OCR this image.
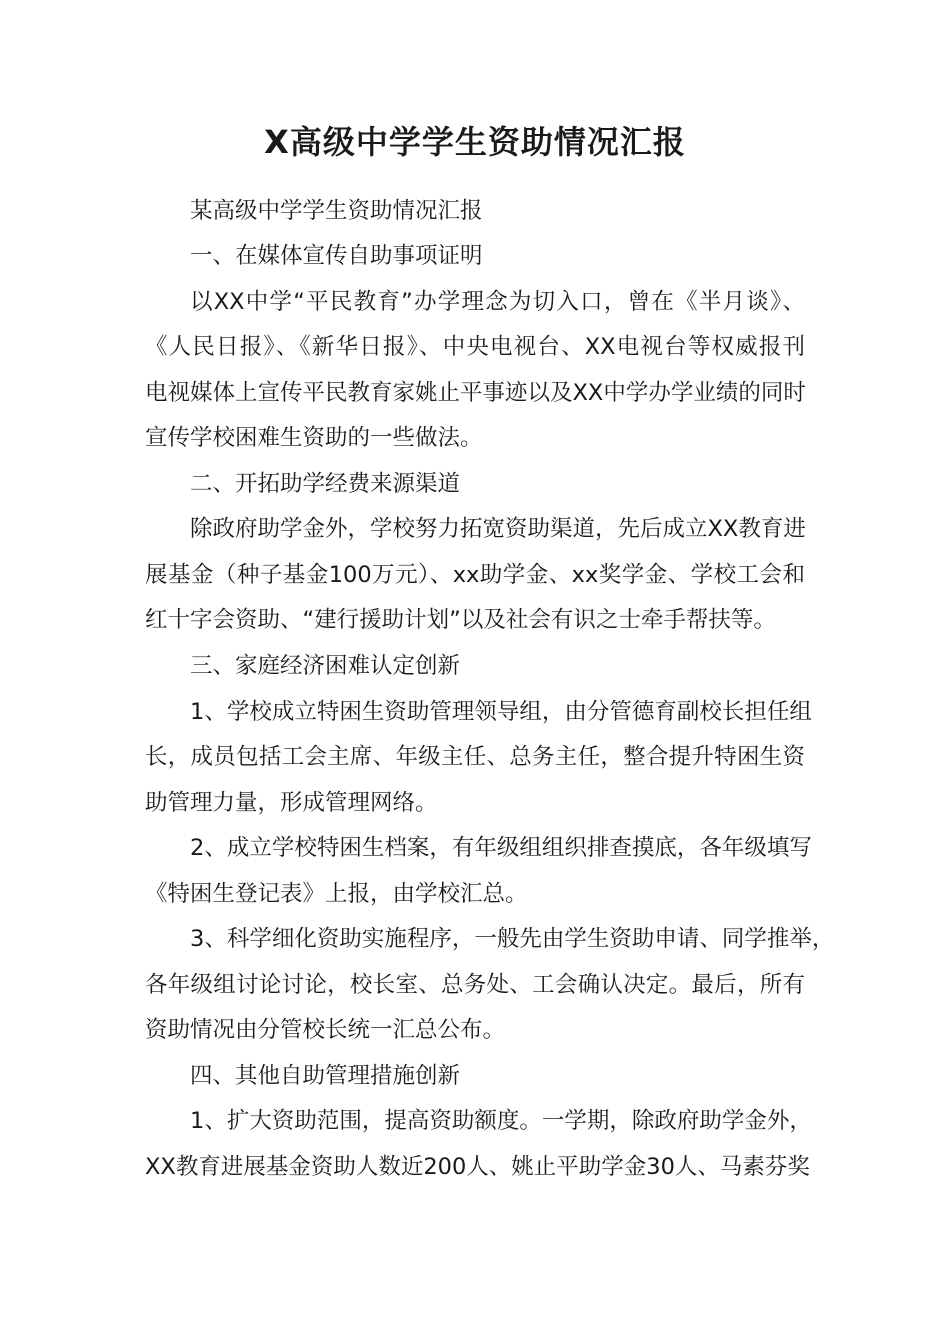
X高级中学学生资助情况汇报
某高级中学学生资助情况汇报
一、在媒体宣传自助事项证明
以XX中学“平民教育”办学理念为切入口，曾在《半月谈》、
《人民日报》、《新华日报》、中央电视台、XX电视台等权威报刊
电视媒体上宣传平民教育家姚止平事迹以及XX中学办学业绩的同时
宣传学校困难生资助的一些做法。
二、开拓助学经费来源渠道
除政府助学金外，学校努力拓宽资助渠道，先后成立XX教育进
展基金（种子基金100万元）、xx助学金、xx奖学金、学校工会和
红十字会资助、“建行援助计划”以及社会有识之士牵手帮扶等。
三、家庭经济困难认定创新
1、学校成立特困生资助管理领导组，由分管德育副校长担任组
长，成员包括工会主席、年级主任、总务主任，整合提升特困生资
助管理力量，形成管理网络。
2、成立学校特困生档案，有年级组组织排查摸底，各年级填写
《特困生登记表》上报，由学校汇总。
3、科学细化资助实施程序，一般先由学生资助申请、同学推举，
各年级组讨论讨论，校长室、总务处、工会确认决定。最后，所有
资助情况由分管校长统一汇总公布。
四、其他自助管理措施创新
1、扩大资助范围，提高资助额度。一学期，除政府助学金外，
XX教育进展基金资助人数近200人、姚止平助学金30人、马素芬奖
